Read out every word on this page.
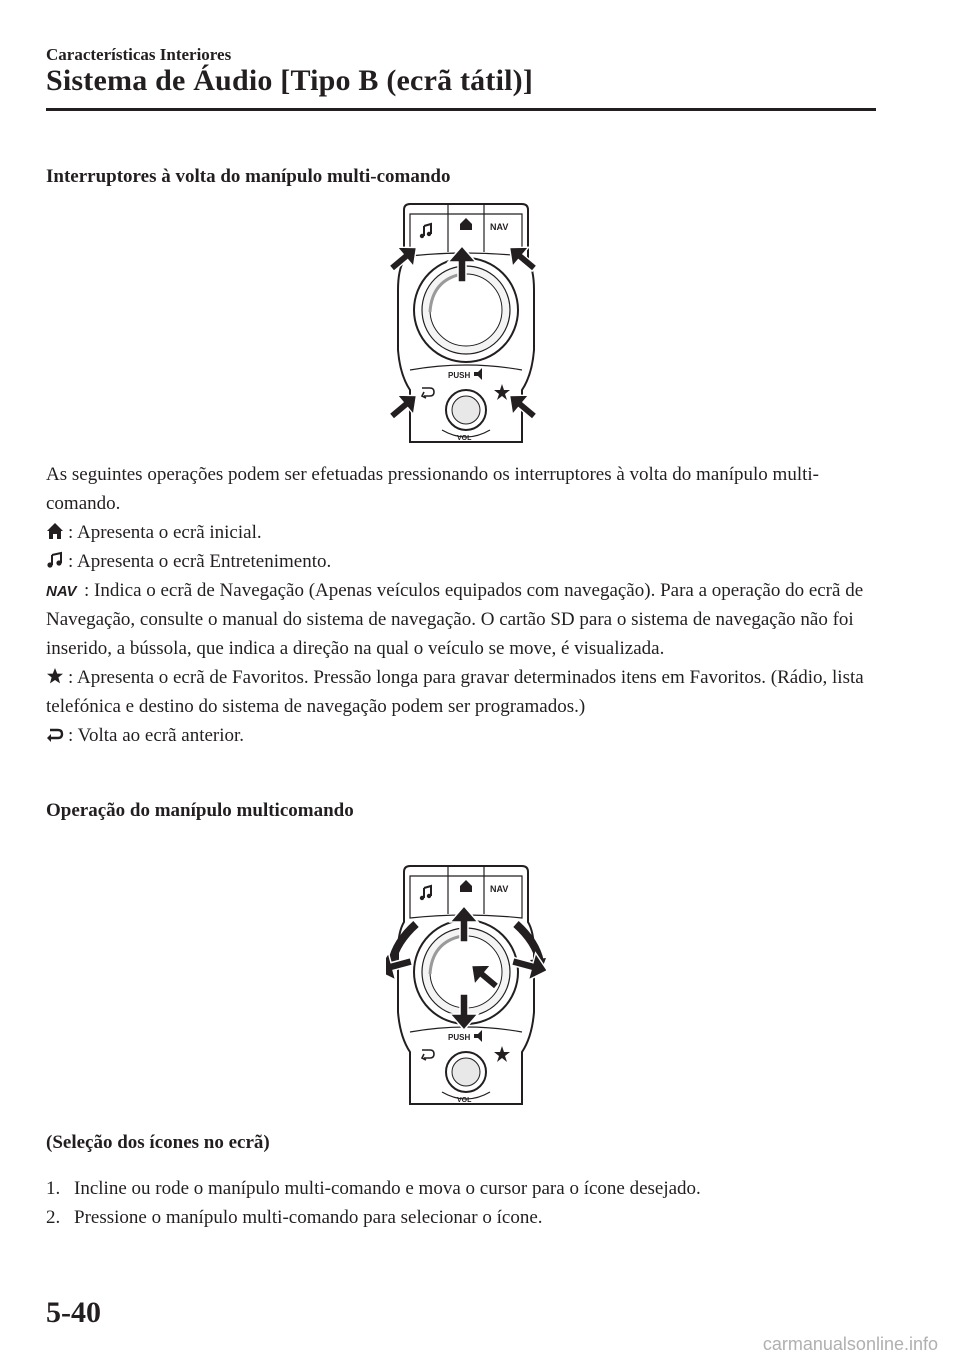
Características Interiores
Sistema de Áudio [Tipo B (ecrã tátil)]
Interruptores à volta do manípulo multi-comando

As seguintes operações podem ser efetuadas pressionando os interruptores à volta do manípulo multi-comando.

: Apresenta o ecrã inicial.

: Apresenta o ecrã Entretenimento.

NAV : Indica o ecrã de Navegação (Apenas veículos equipados com navegação). Para a operação do ecrã de Navegação, consulte o manual do sistema de navegação. O cartão SD para o sistema de navegação não foi inserido, a bússola, que indica a direção na qual o veículo se move, é visualizada.

: Apresenta o ecrã de Favoritos. Pressão longa para gravar determinados itens em Favoritos. (Rádio, lista telefónica e destino do sistema de navegação podem ser programados.)

: Volta ao ecrã anterior.

Operação do manípulo multicomando
(Seleção dos ícones no ecrã)
1. Incline ou rode o manípulo multi-comando e mova o cursor para o ícone desejado.
2. Pressione o manípulo multi-comando para selecionar o ícone.
5-40
carmanualsonline.info
